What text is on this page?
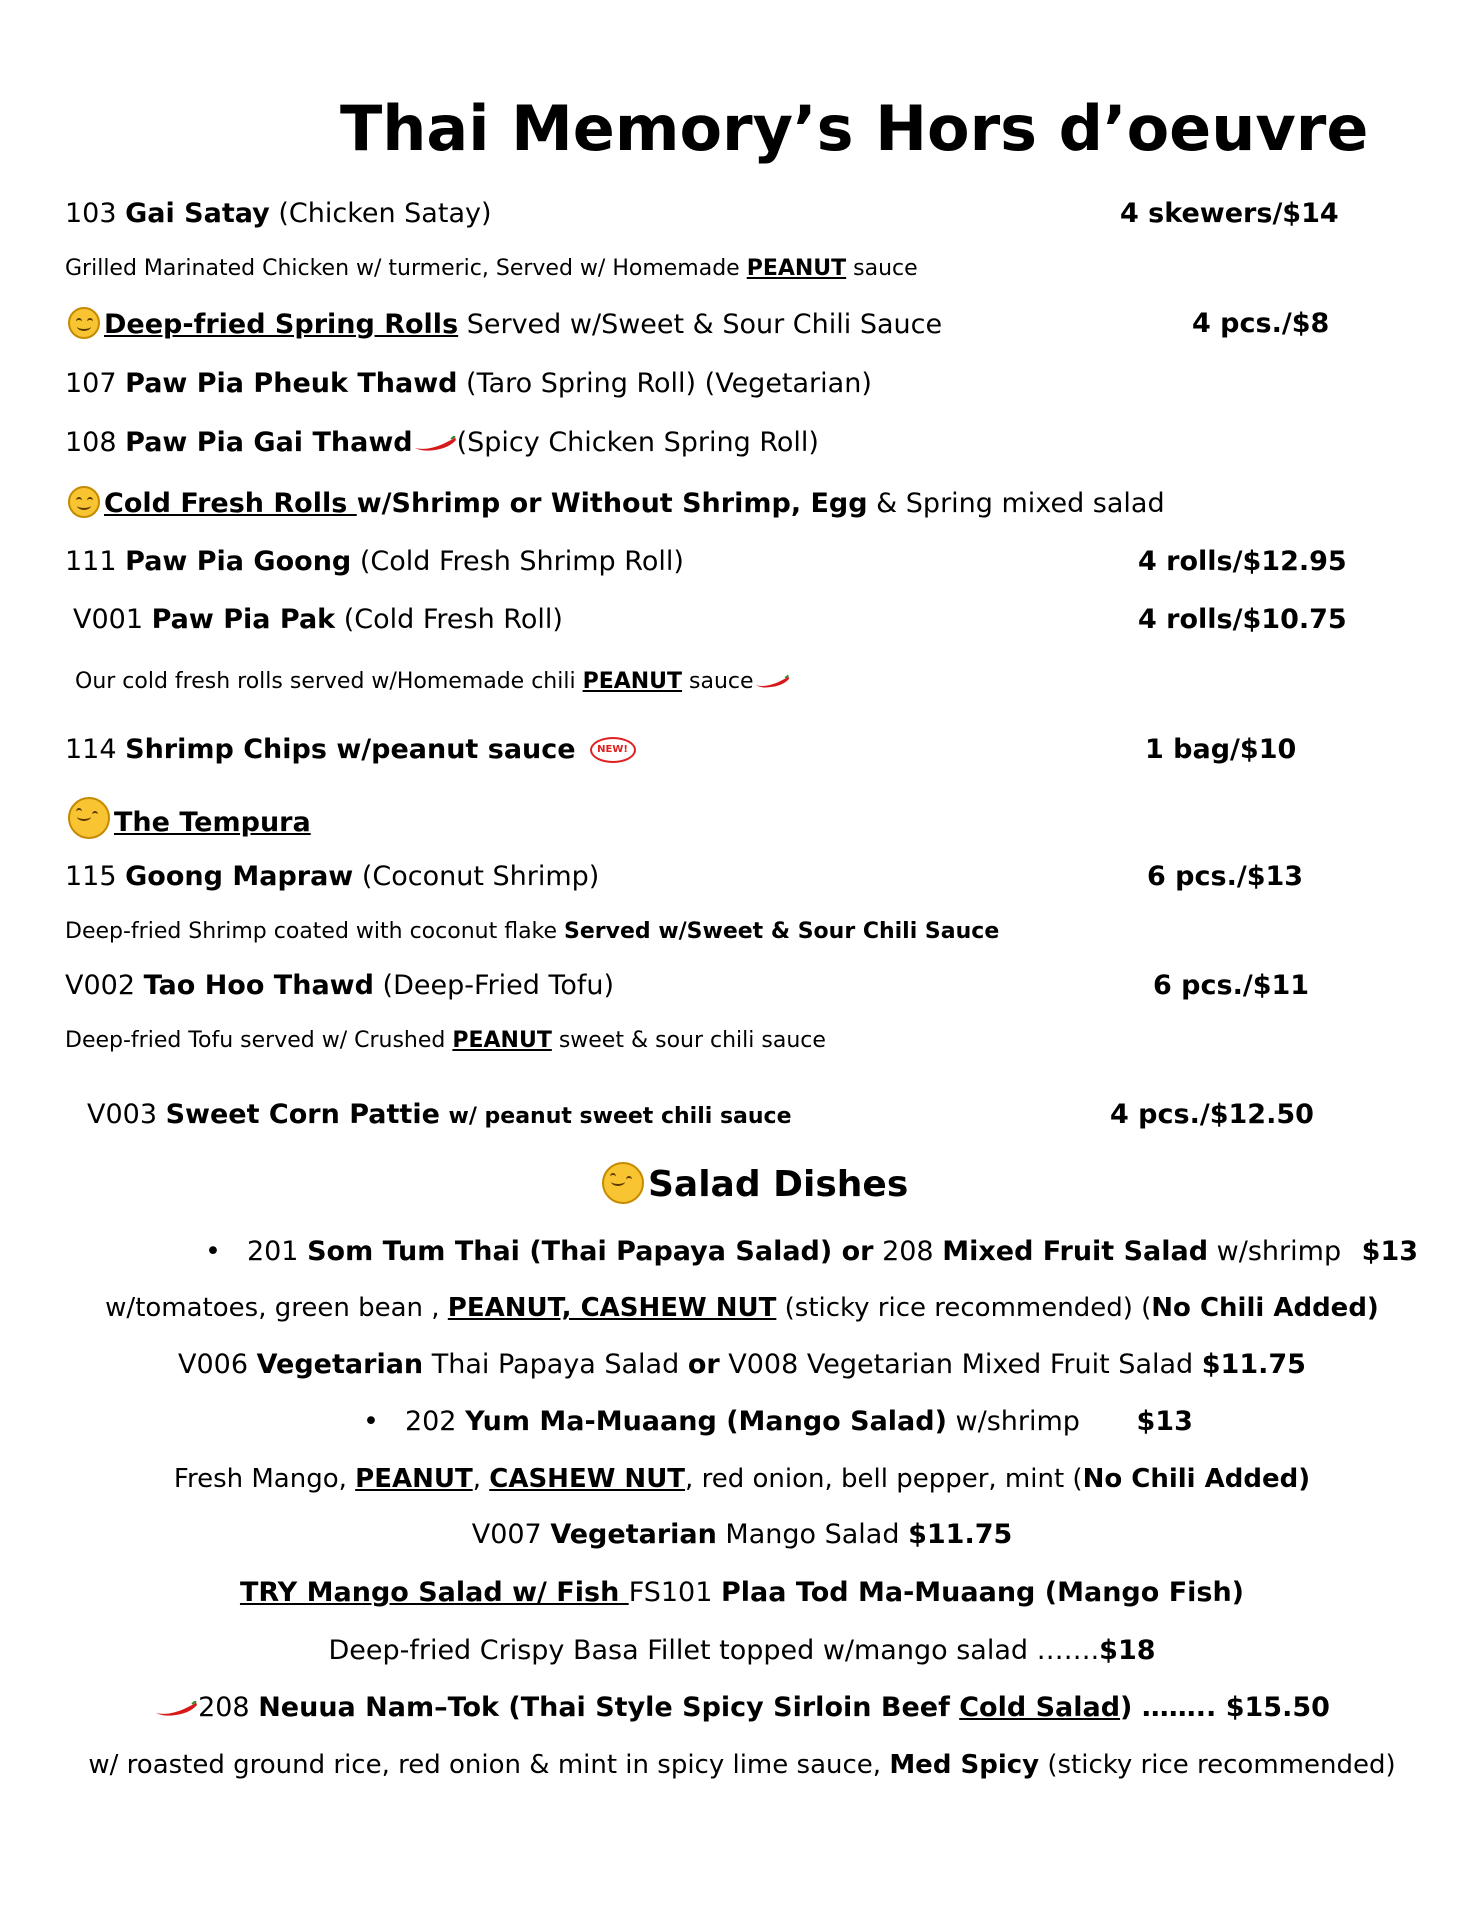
Thai Memory’s Hors d’oeuvre
103 Gai Satay (Chicken Satay)	4 skewers/$14
Grilled Marinated Chicken w/ turmeric, Served w/ Homemade PEANUT sauce
Deep-fried Spring Rolls Served w/Sweet & Sour Chili Sauce	4 pcs./$8
107 Paw Pia Pheuk Thawd (Taro Spring Roll) (Vegetarian)
108 Paw Pia Gai Thawd (Spicy Chicken Spring Roll)
Cold Fresh Rolls w/Shrimp or Without Shrimp, Egg & Spring mixed salad
111 Paw Pia Goong (Cold Fresh Shrimp Roll)	4 rolls/$12.95
V001 Paw Pia Pak (Cold Fresh Roll)	4 rolls/$10.75
Our cold fresh rolls served w/Homemade chili PEANUT sauce
114 Shrimp Chips w/peanut sauce NEW!	1 bag/$10
The Tempura
115 Goong Mapraw (Coconut Shrimp)	6 pcs./$13
Deep-fried Shrimp coated with coconut flake Served w/Sweet & Sour Chili Sauce
V002 Tao Hoo Thawd (Deep-Fried Tofu)	6 pcs./$11
Deep-fried Tofu served w/ Crushed PEANUT sweet & sour chili sauce
V003 Sweet Corn Pattie w/ peanut sweet chili sauce	4 pcs./$12.50
Salad Dishes
• 201 Som Tum Thai (Thai Papaya Salad) or 208 Mixed Fruit Salad w/shrimp $13
w/tomatoes, green bean , PEANUT, CASHEW NUT (sticky rice recommended) (No Chili Added)
V006 Vegetarian Thai Papaya Salad or V008 Vegetarian Mixed Fruit Salad $11.75
• 202 Yum Ma-Muaang (Mango Salad) w/shrimp $13
Fresh Mango, PEANUT, CASHEW NUT, red onion, bell pepper, mint (No Chili Added)
V007 Vegetarian Mango Salad $11.75
TRY Mango Salad w/ Fish FS101 Plaa Tod Ma-Muaang (Mango Fish)
Deep-fried Crispy Basa Fillet topped w/mango salad …….$18
208 Neuua Nam–Tok (Thai Style Spicy Sirloin Beef Cold Salad) …….. $15.50
w/ roasted ground rice, red onion & mint in spicy lime sauce, Med Spicy (sticky rice recommended)
